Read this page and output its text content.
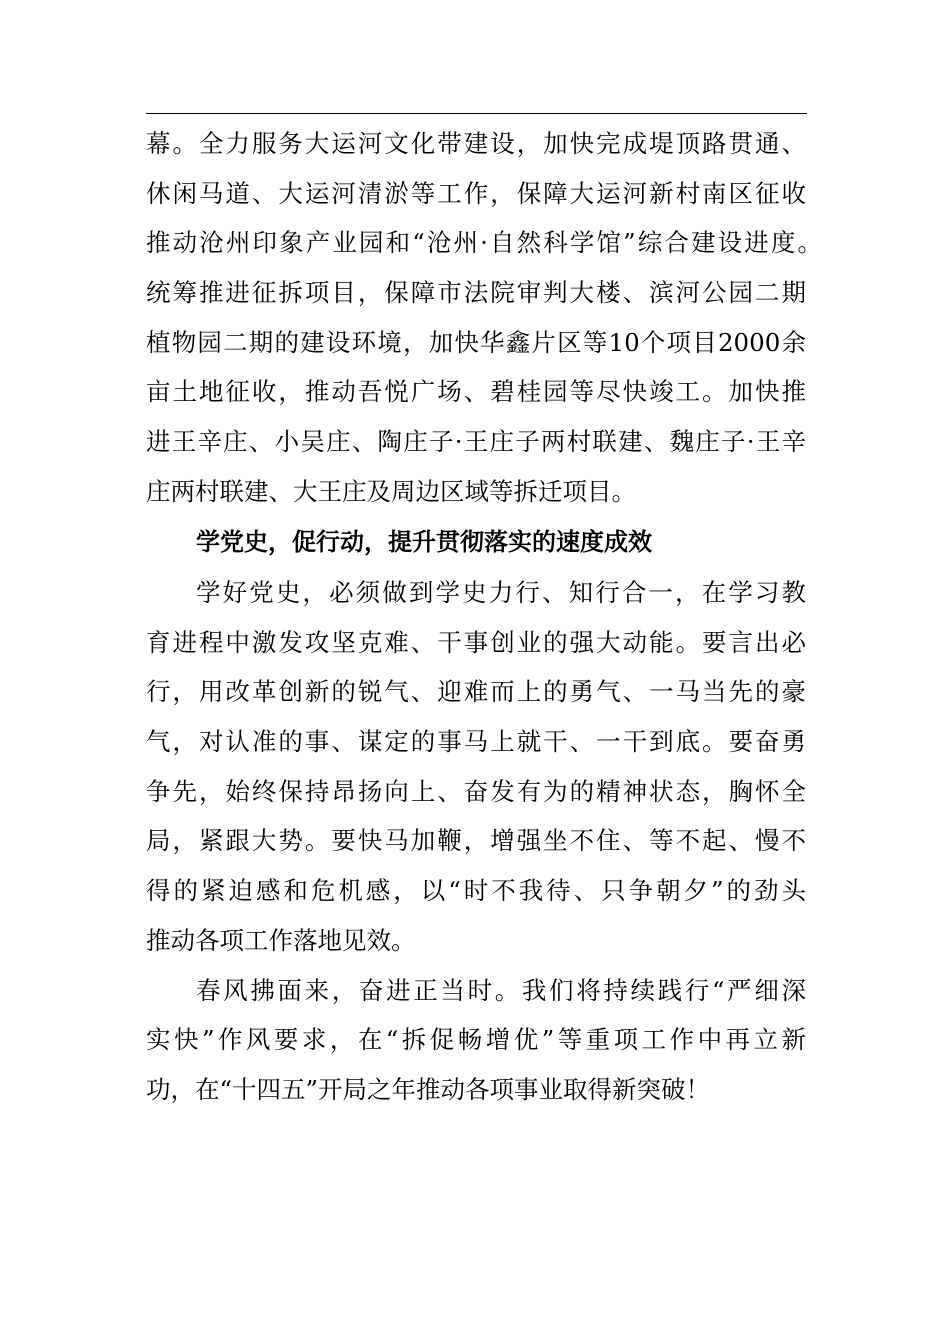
幕。全力服务大运河文化带建设，加快完成堤顶路贯通、
休闲马道、大运河清淤等工作，保障大运河新村南区征收
推动沧州印象产业园和“沧州·自然科学馆”综合建设进度。
统筹推进征拆项目，保障市法院审判大楼、滨河公园二期
植物园二期的建设环境，加快华鑫片区等10个项目2000余
亩土地征收，推动吾悦广场、碧桂园等尽快竣工。加快推
进王辛庄、小吴庄、陶庄子·王庄子两村联建、魏庄子·王辛
庄两村联建、大王庄及周边区域等拆迁项目。
学党史，促行动，提升贯彻落实的速度成效
学好党史，必须做到学史力行、知行合一，在学习教
育进程中激发攻坚克难、干事创业的强大动能。要言出必
行，用改革创新的锐气、迎难而上的勇气、一马当先的豪
气，对认准的事、谋定的事马上就干、一干到底。要奋勇
争先，始终保持昂扬向上、奋发有为的精神状态，胸怀全
局，紧跟大势。要快马加鞭，增强坐不住、等不起、慢不
得的紧迫感和危机感，以“时不我待、只争朝夕”的劲头
推动各项工作落地见效。
春风拂面来，奋进正当时。我们将持续践行“严细深
实快”作风要求，在“拆促畅增优”等重项工作中再立新
功，在“十四五”开局之年推动各项事业取得新突破！
